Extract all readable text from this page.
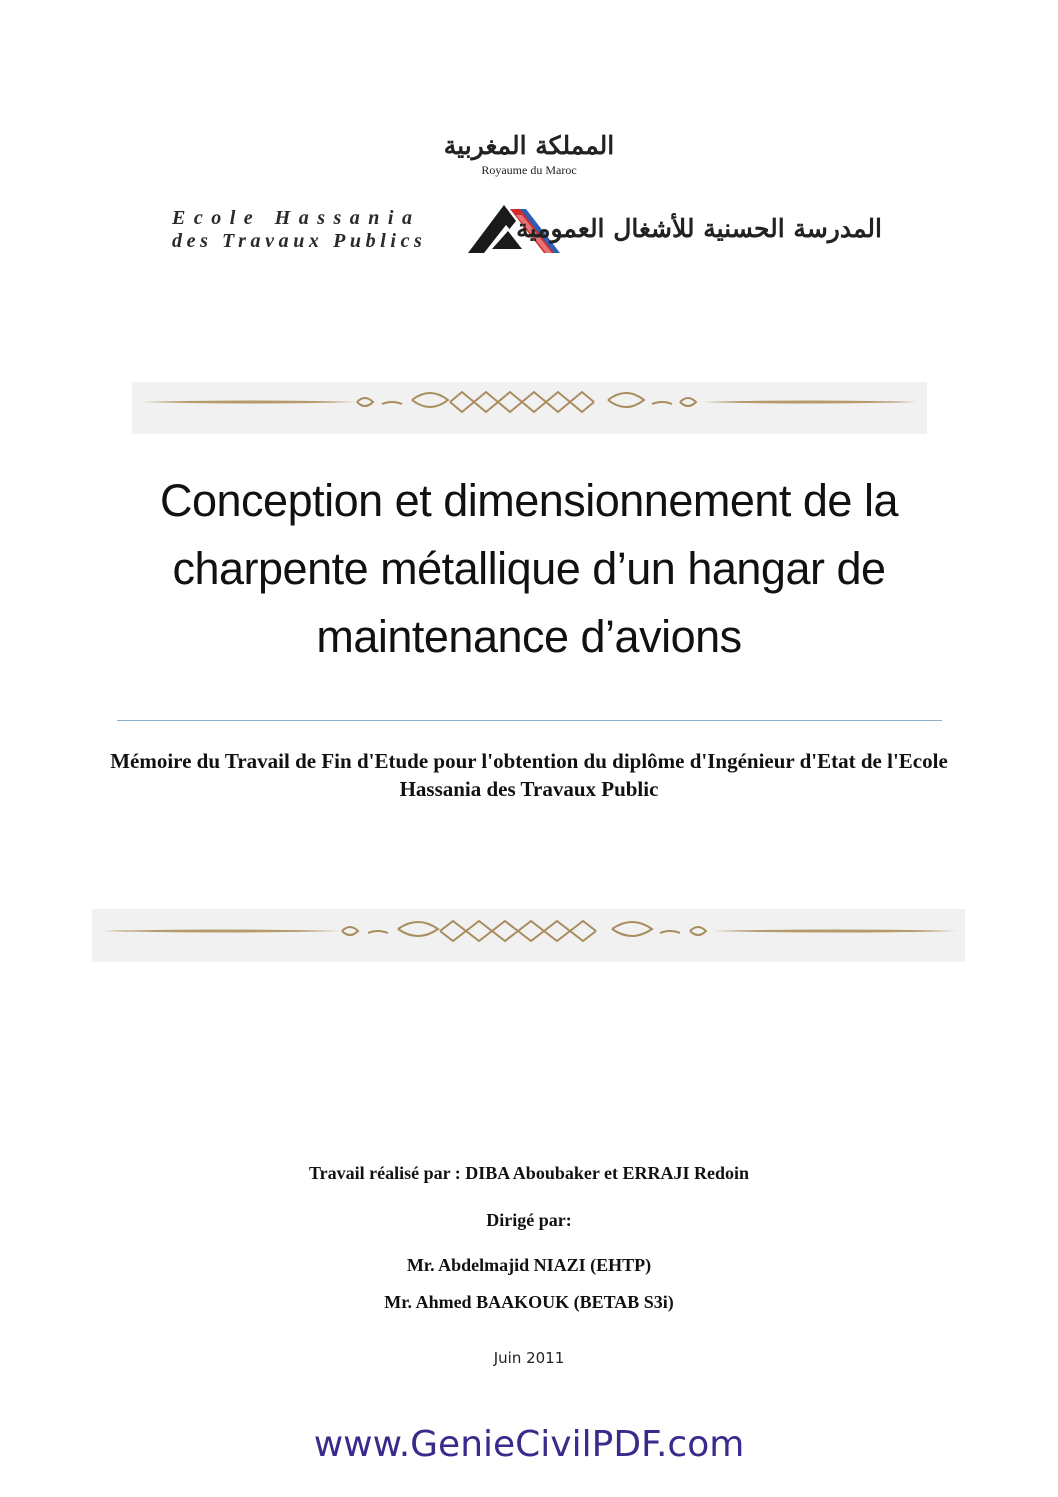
المملكة المغربية
Royaume du Maroc
Ecole Hassania
des Travaux Publics	المدرسة الحسنية للأشغال العمومية
Conception et dimensionnement de la charpente métallique d’un hangar de maintenance d’avions
Mémoire du Travail de Fin d'Etude pour l'obtention du diplôme d'Ingénieur d'Etat de l'Ecole Hassania des Travaux Public
Travail réalisé par : DIBA Aboubaker et ERRAJI Redoin
Dirigé par:
Mr. Abdelmajid NIAZI (EHTP)
Mr. Ahmed BAAKOUK (BETAB S3i)
Juin 2011
www.GenieCivilPDF.com
